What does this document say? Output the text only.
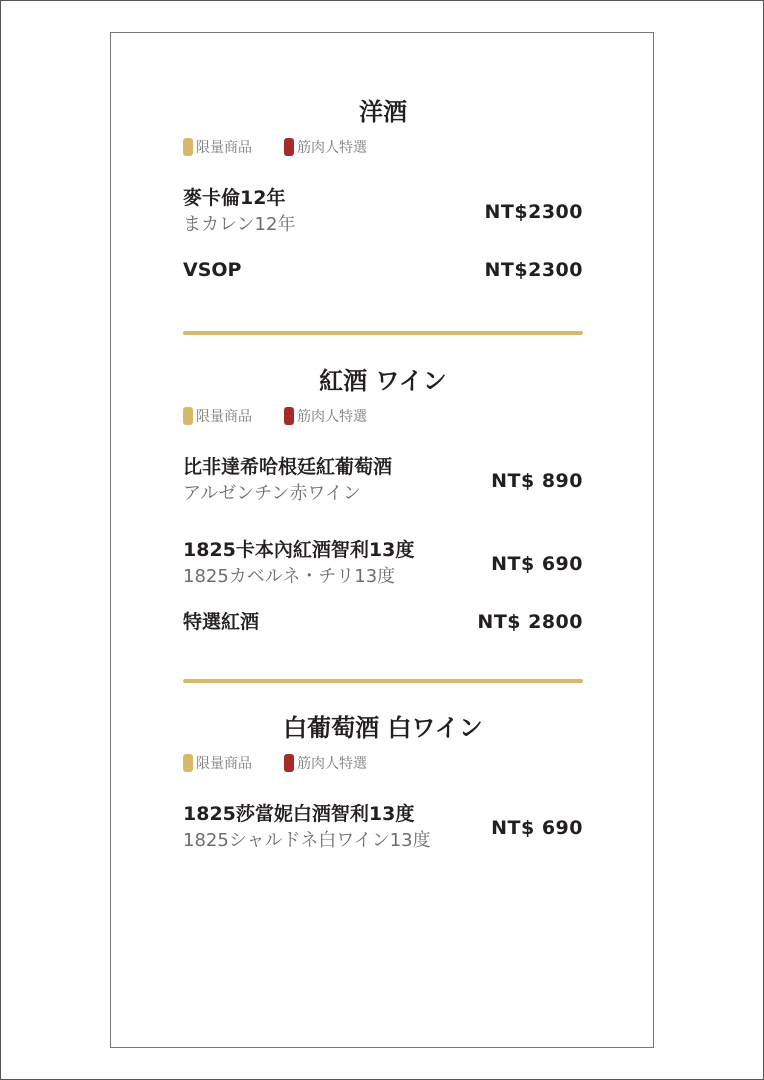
洋酒
限量商品	筋肉人特選
麥卡倫12年
まカレン12年
NT$2300
VSOP	NT$2300
紅酒 ワイン
限量商品	筋肉人特選
比非達希哈根廷紅葡萄酒
アルゼンチン赤ワイン
NT$ 890
1825卡本內紅酒智利13度
1825カベルネ・チリ13度
NT$ 690
特選紅酒	NT$ 2800
白葡萄酒 白ワイン
限量商品	筋肉人特選
1825莎當妮白酒智利13度
1825シャルドネ白ワイン13度
NT$ 690
